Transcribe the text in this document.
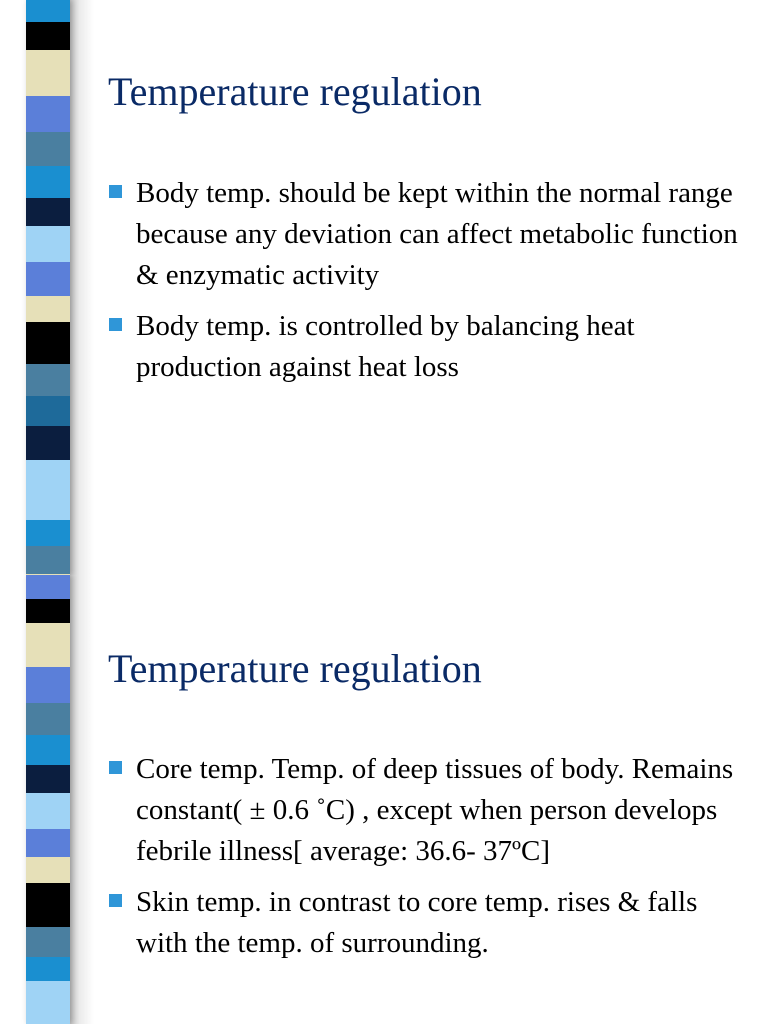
Temperature regulation
Body temp. should be kept within the normal range because any deviation can affect metabolic function & enzymatic activity
Body temp. is controlled by balancing heat production against heat loss
Temperature regulation
Core temp. Temp. of deep tissues of body. Remains constant( ± 0.6 ˚C) , except when person develops febrile illness[ average: 36.6- 37ºC]
Skin temp. in contrast to core temp. rises & falls with the temp. of surrounding.
